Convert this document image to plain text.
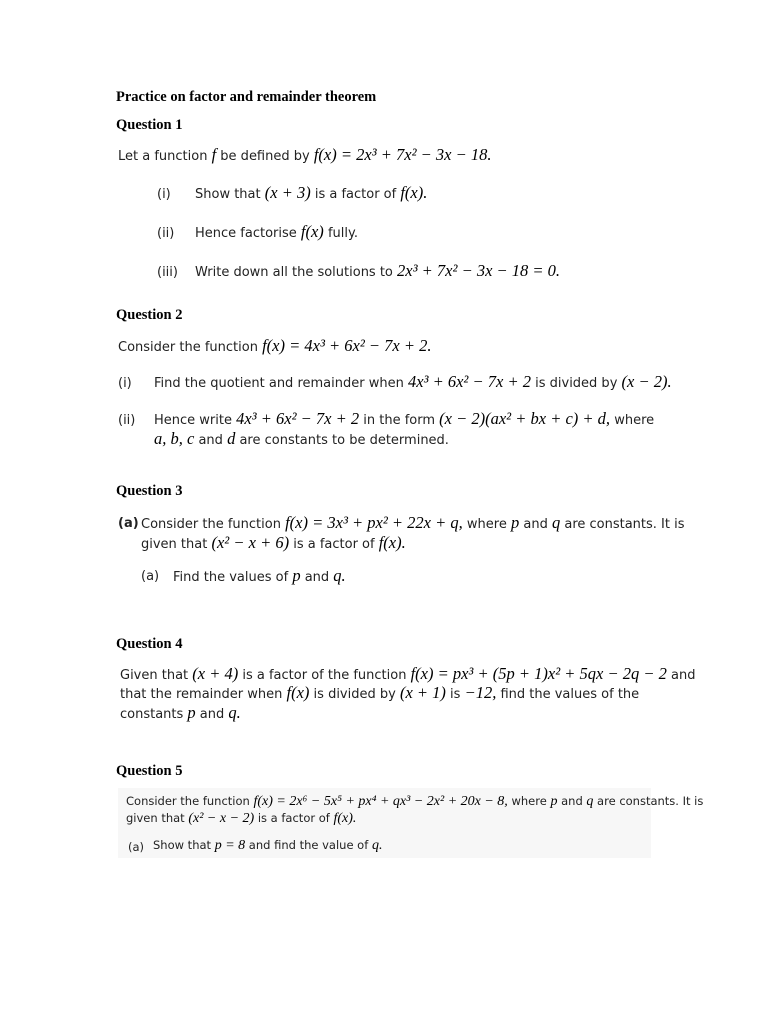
Practice on factor and remainder theorem
Question 1
Let a function f be defined by f(x) = 2x³ + 7x² − 3x − 18.
(i) Show that (x + 3) is a factor of f(x).
(ii) Hence factorise f(x) fully.
(iii) Write down all the solutions to 2x³ + 7x² − 3x − 18 = 0.
Question 2
Consider the function f(x) = 4x³ + 6x² − 7x + 2.
(i) Find the quotient and remainder when 4x³ + 6x² − 7x + 2 is divided by (x − 2).
(ii) Hence write 4x³ + 6x² − 7x + 2 in the form (x − 2)(ax² + bx + c) + d, where
a, b, c and d are constants to be determined.
Question 3
(a) Consider the function f(x) = 3x³ + px² + 22x + q, where p and q are constants. It is
given that (x² − x + 6) is a factor of f(x).
(a) Find the values of p and q.
Question 4
Given that (x + 4) is a factor of the function f(x) = px³ + (5p + 1)x² + 5qx − 2q − 2 and
that the remainder when f(x) is divided by (x + 1) is −12, find the values of the
constants p and q.
Question 5
Consider the function f(x) = 2x⁶ − 5x⁵ + px⁴ + qx³ − 2x² + 20x − 8, where p and q are constants. It is
given that (x² − x − 2) is a factor of f(x).
(a) Show that p = 8 and find the value of q.
